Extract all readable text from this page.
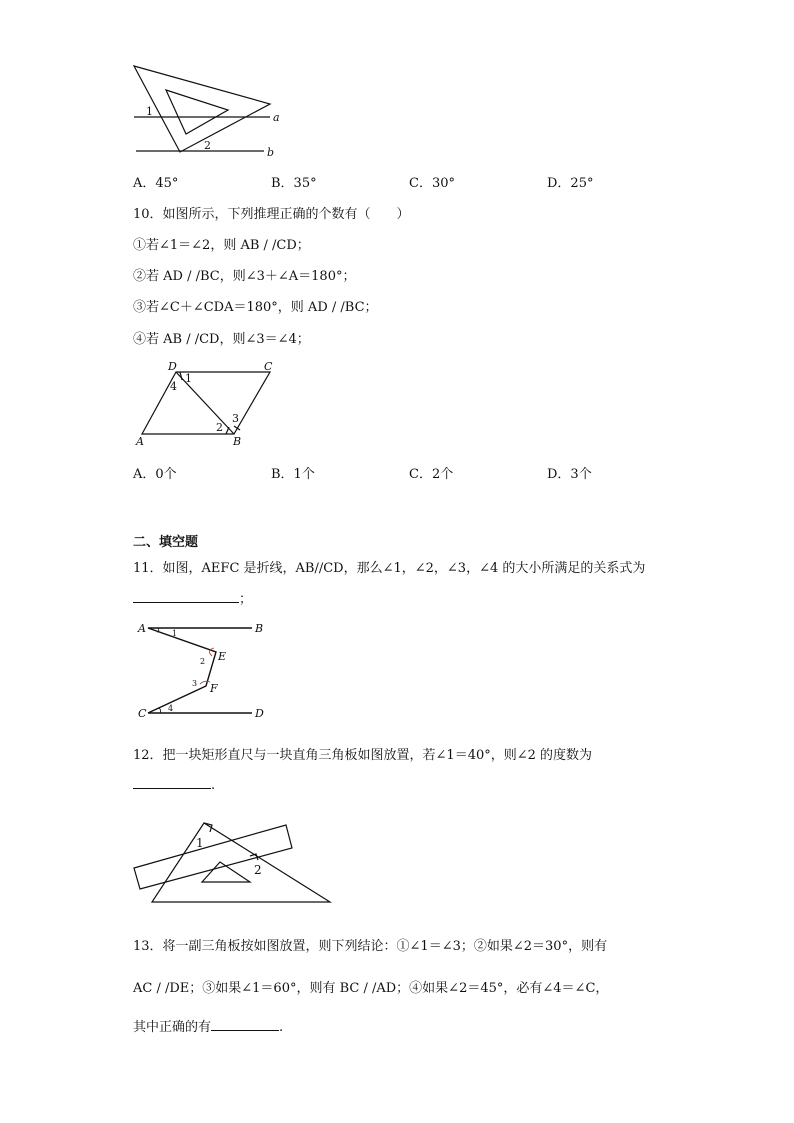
1
2
a
b
A．45°	B．35°	C．30°	D．25°
10．如图所示，下列推理正确的个数有（　　）
①若∠1＝∠2，则 AB / /CD；
②若 AD / /BC，则∠3＋∠A＝180°；
③若∠C＋∠CDA＝180°，则 AD / /BC；
④若 AB / /CD，则∠3＝∠4；
D	C
A	B
1
4
2
3
A．0个	B．1个	C．2个	D．3个
二、填空题
11．如图，AEFC 是折线，AB//CD，那么∠1，∠2，∠3，∠4 的大小所满足的关系式为
；
A	B
C	D
E
F
1
2
3
4
12．把一块矩形直尺与一块直角三角板如图放置，若∠1＝40°，则∠2 的度数为
.
1
2
13．将一副三角板按如图放置，则下列结论：①∠1＝∠3；②如果∠2＝30°，则有
AC / /DE；③如果∠1＝60°，则有 BC / /AD；④如果∠2＝45°，必有∠4＝∠C，
其中正确的有	.
